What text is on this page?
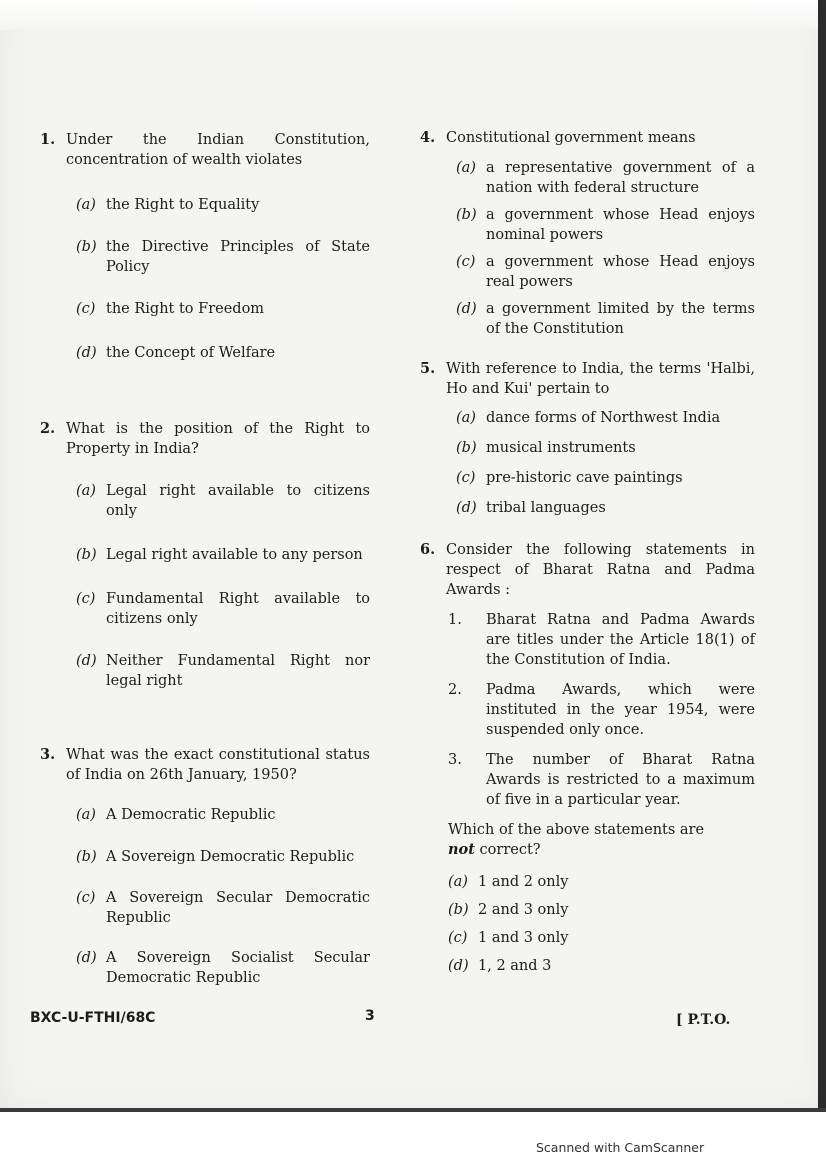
1. Under the Indian Constitution, concentration of wealth violates
(a) the Right to Equality
(b) the Directive Principles of State Policy
(c) the Right to Freedom
(d) the Concept of Welfare
2. What is the position of the Right to Property in India?
(a) Legal right available to citizens only
(b) Legal right available to any person
(c) Fundamental Right available to citizens only
(d) Neither Fundamental Right nor legal right
3. What was the exact constitutional status of India on 26th January, 1950?
(a) A Democratic Republic
(b) A Sovereign Democratic Republic
(c) A Sovereign Secular Democratic Republic
(d) A Sovereign Socialist Secular Democratic Republic
4. Constitutional government means
(a) a representative government of a nation with federal structure
(b) a government whose Head enjoys nominal powers
(c) a government whose Head enjoys real powers
(d) a government limited by the terms of the Constitution
5. With reference to India, the terms 'Halbi, Ho and Kui' pertain to
(a) dance forms of Northwest India
(b) musical instruments
(c) pre-historic cave paintings
(d) tribal languages
6. Consider the following statements in respect of Bharat Ratna and Padma Awards :
1. Bharat Ratna and Padma Awards are titles under the Article 18(1) of the Constitution of India.
2. Padma Awards, which were instituted in the year 1954, were suspended only once.
3. The number of Bharat Ratna Awards is restricted to a maximum of five in a particular year.
Which of the above statements are
not correct?
(a) 1 and 2 only
(b) 2 and 3 only
(c) 1 and 3 only
(d) 1, 2 and 3
BXC-U-FTHI/68C	3	[ P.T.O.
Scanned with CamScanner
